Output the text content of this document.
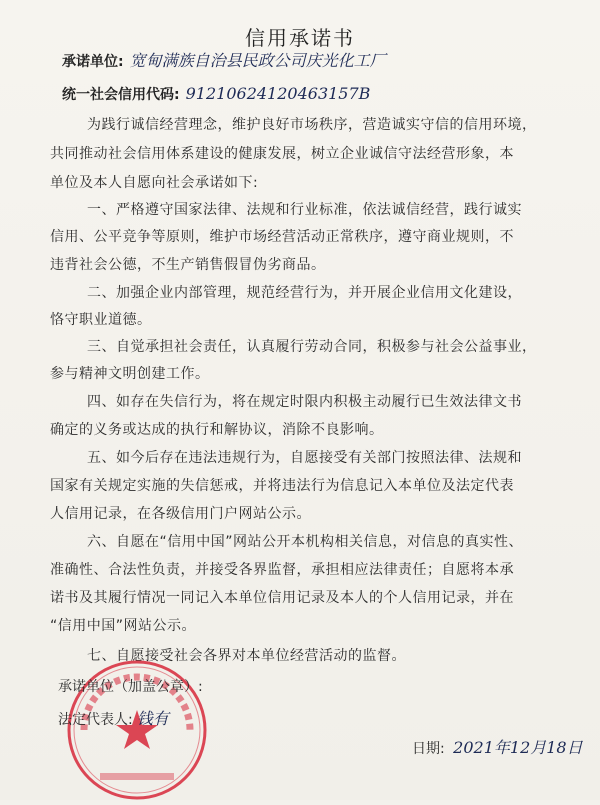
信用承诺书
承诺单位: 宽甸满族自治县民政公司庆光化工厂
统一社会信用代码: 91210624120463157B
为践行诚信经营理念，维护良好市场秩序，营造诚实守信的信用环境，
共同推动社会信用体系建设的健康发展，树立企业诚信守法经营形象，本
单位及本人自愿向社会承诺如下:
一、严格遵守国家法律、法规和行业标准，依法诚信经营，践行诚实
信用、公平竞争等原则，维护市场经营活动正常秩序，遵守商业规则，不
违背社会公德，不生产销售假冒伪劣商品。
二、加强企业内部管理，规范经营行为，并开展企业信用文化建设，
恪守职业道德。
三、自觉承担社会责任，认真履行劳动合同，积极参与社会公益事业，
参与精神文明创建工作。
四、如存在失信行为，将在规定时限内积极主动履行已生效法律文书
确定的义务或达成的执行和解协议，消除不良影响。
五、如今后存在违法违规行为，自愿接受有关部门按照法律、法规和
国家有关规定实施的失信惩戒，并将违法行为信息记入本单位及法定代表
人信用记录，在各级信用门户网站公示。
六、自愿在“信用中国”网站公开本机构相关信息，对信息的真实性、
准确性、合法性负责，并接受各界监督，承担相应法律责任；自愿将本承
诺书及其履行情况一同记入本单位信用记录及本人的个人信用记录，并在
“信用中国”网站公示。
七、自愿接受社会各界对本单位经营活动的监督。
承诺单位（加盖公章）:
法定代表人: 钱有
日期: 2021年12月18日
